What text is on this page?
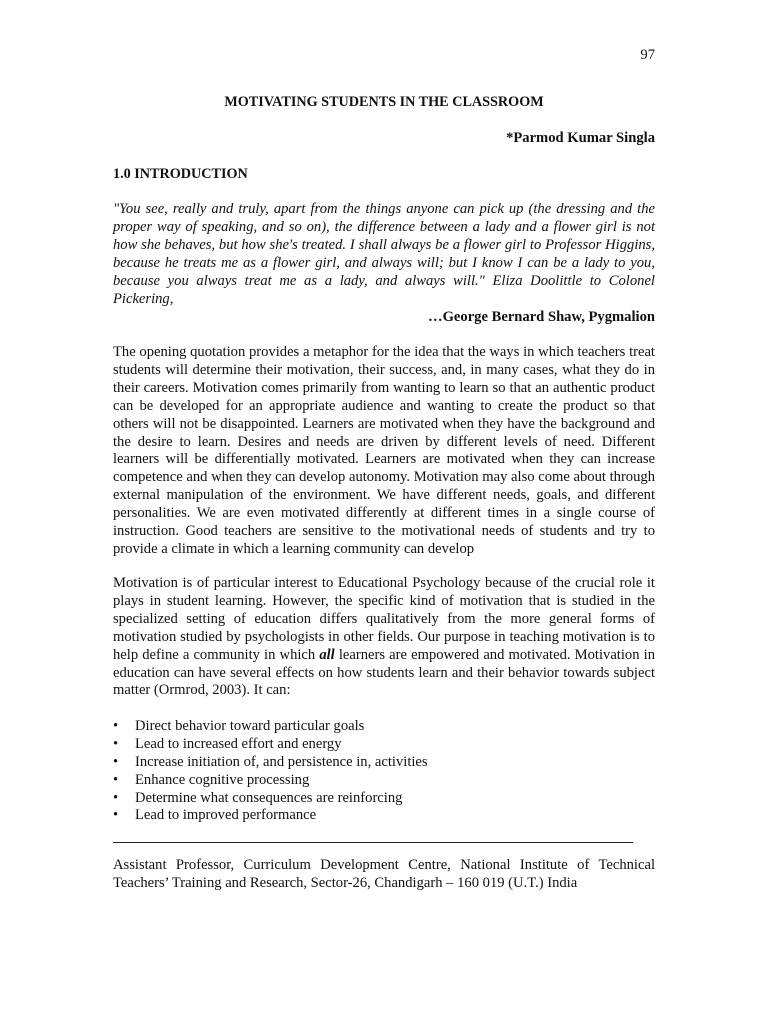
97
MOTIVATING STUDENTS IN THE CLASSROOM
*Parmod Kumar Singla
1.0 INTRODUCTION
"You see, really and truly, apart from the things anyone can pick up (the dressing and the proper way of speaking, and so on), the difference between a lady and a flower girl is not how she behaves, but how she's treated. I shall always be a flower girl to Professor Higgins, because he treats me as a flower girl, and always will; but I know I can be a lady to you, because you always treat me as a lady, and always will." Eliza Doolittle to Colonel Pickering,
…George Bernard Shaw, Pygmalion
The opening quotation provides a metaphor for the idea that the ways in which teachers treat students will determine their motivation, their success, and, in many cases, what they do in their careers. Motivation comes primarily from wanting to learn so that an authentic product can be developed for an appropriate audience and wanting to create the product so that others will not be disappointed. Learners are motivated when they have the background and the desire to learn. Desires and needs are driven by different levels of need. Different learners will be differentially motivated. Learners are motivated when they can increase competence and when they can develop autonomy. Motivation may also come about through external manipulation of the environment. We have different needs, goals, and different personalities. We are even motivated differently at different times in a single course of instruction. Good teachers are sensitive to the motivational needs of students and try to provide a climate in which a learning community can develop
Motivation is of particular interest to Educational Psychology because of the crucial role it plays in student learning. However, the specific kind of motivation that is studied in the specialized setting of education differs qualitatively from the more general forms of motivation studied by psychologists in other fields. Our purpose in teaching motivation is to help define a community in which all learners are empowered and motivated. Motivation in education can have several effects on how students learn and their behavior towards subject matter (Ormrod, 2003). It can:
• Direct behavior toward particular goals
• Lead to increased effort and energy
• Increase initiation of, and persistence in, activities
• Enhance cognitive processing
• Determine what consequences are reinforcing
• Lead to improved performance
Assistant Professor, Curriculum Development Centre, National Institute of Technical Teachers’ Training and Research, Sector-26, Chandigarh – 160 019 (U.T.) India
